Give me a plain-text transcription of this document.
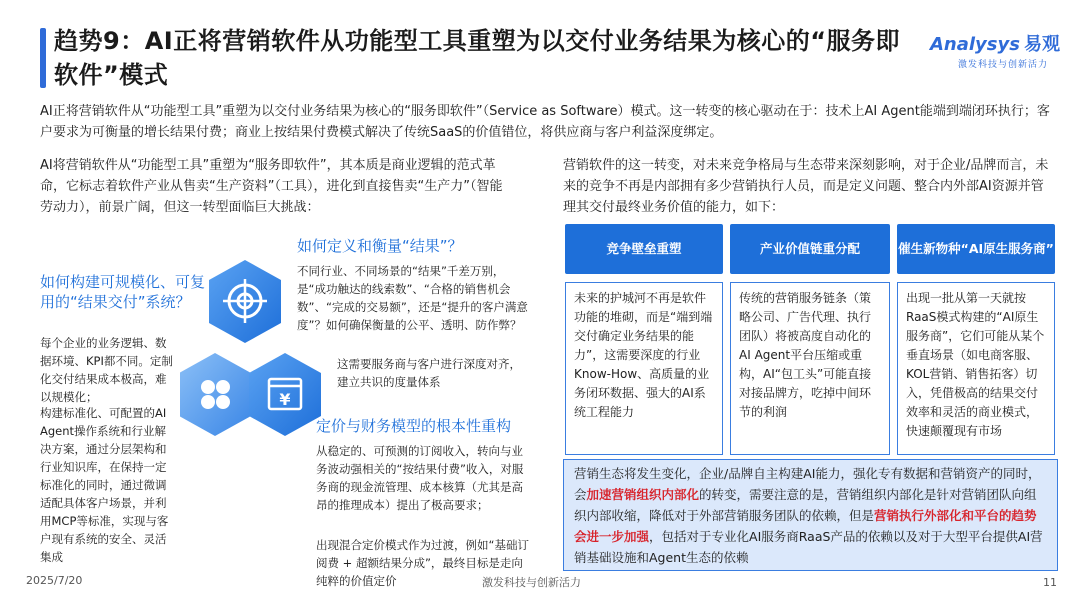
趋势9：AI正将营销软件从功能型工具重塑为以交付业务结果为核心的“服务即软件”模式
Analysys 易观
激发科技与创新活力
AI正将营销软件从“功能型工具”重塑为以交付业务结果为核心的“服务即软件”（Service as Software）模式。这一转变的核心驱动在于：技术上AI Agent能端到端闭环执行；客户要求为可衡量的增长结果付费；商业上按结果付费模式解决了传统SaaS的价值错位，将供应商与客户利益深度绑定。
AI将营销软件从“功能型工具”重塑为“服务即软件”，其本质是商业逻辑的范式革命，它标志着软件产业从售卖“生产资料”（工具），进化到直接售卖“生产力”（智能劳动力），前景广阔，但这一转型面临巨大挑战：
营销软件的这一转变，对未来竞争格局与生态带来深刻影响，对于企业/品牌而言，未来的竞争不再是内部拥有多少营销执行人员，而是定义问题、整合内外部AI资源并管理其交付最终业务价值的能力，如下：
如何构建可规模化、可复用的“结果交付”系统？
每个企业的业务逻辑、数据环境、KPI都不同。定制化交付结果成本极高，难以规模化；
构建标准化、可配置的AI Agent操作系统和行业解决方案，通过分层架构和行业知识库，在保持一定标准化的同时，通过微调适配具体客户场景，并利用MCP等标准，实现与客户现有系统的安全、灵活集成
如何定义和衡量“结果”？
不同行业、不同场景的“结果”千差万别，是“成功触达的线索数”、“合格的销售机会数”、“完成的交易额”，还是“提升的客户满意度”？如何确保衡量的公平、透明、防作弊？
这需要服务商与客户进行深度对齐，建立共识的度量体系
定价与财务模型的根本性重构
从稳定的、可预测的订阅收入，转向与业务波动强相关的“按结果付费”收入，对服务商的现金流管理、成本核算（尤其是高昂的推理成本）提出了极高要求；
出现混合定价模式作为过渡，例如“基础订阅费 + 超额结果分成”，最终目标是走向纯粹的价值定价
¥
竞争壁垒重塑	产业价值链重分配	催生新物种“AI原生服务商”
未来的护城河不再是软件功能的堆砌，而是“端到端交付确定业务结果的能力”，这需要深度的行业Know-How、高质量的业务闭环数据、强大的AI系统工程能力
传统的营销服务链条（策略公司、广告代理、执行团队）将被高度自动化的AI Agent平台压缩或重构，AI“包工头”可能直接对接品牌方，吃掉中间环节的利润
出现一批从第一天就按RaaS模式构建的“AI原生服务商”，它们可能从某个垂直场景（如电商客服、KOL营销、销售拓客）切入，凭借极高的结果交付效率和灵活的商业模式，快速颠覆现有市场
营销生态将发生变化，企业/品牌自主构建AI能力，强化专有数据和营销资产的同时，会加速营销组织内部化的转变，需要注意的是，营销组织内部化是针对营销团队向组织内部收缩，降低对于外部营销服务团队的依赖，但是营销执行外部化和平台的趋势会进一步加强，包括对于专业化AI服务商RaaS产品的依赖以及对于大型平台提供AI营销基础设施和Agent生态的依赖
2025/7/20	激发科技与创新活力	11
